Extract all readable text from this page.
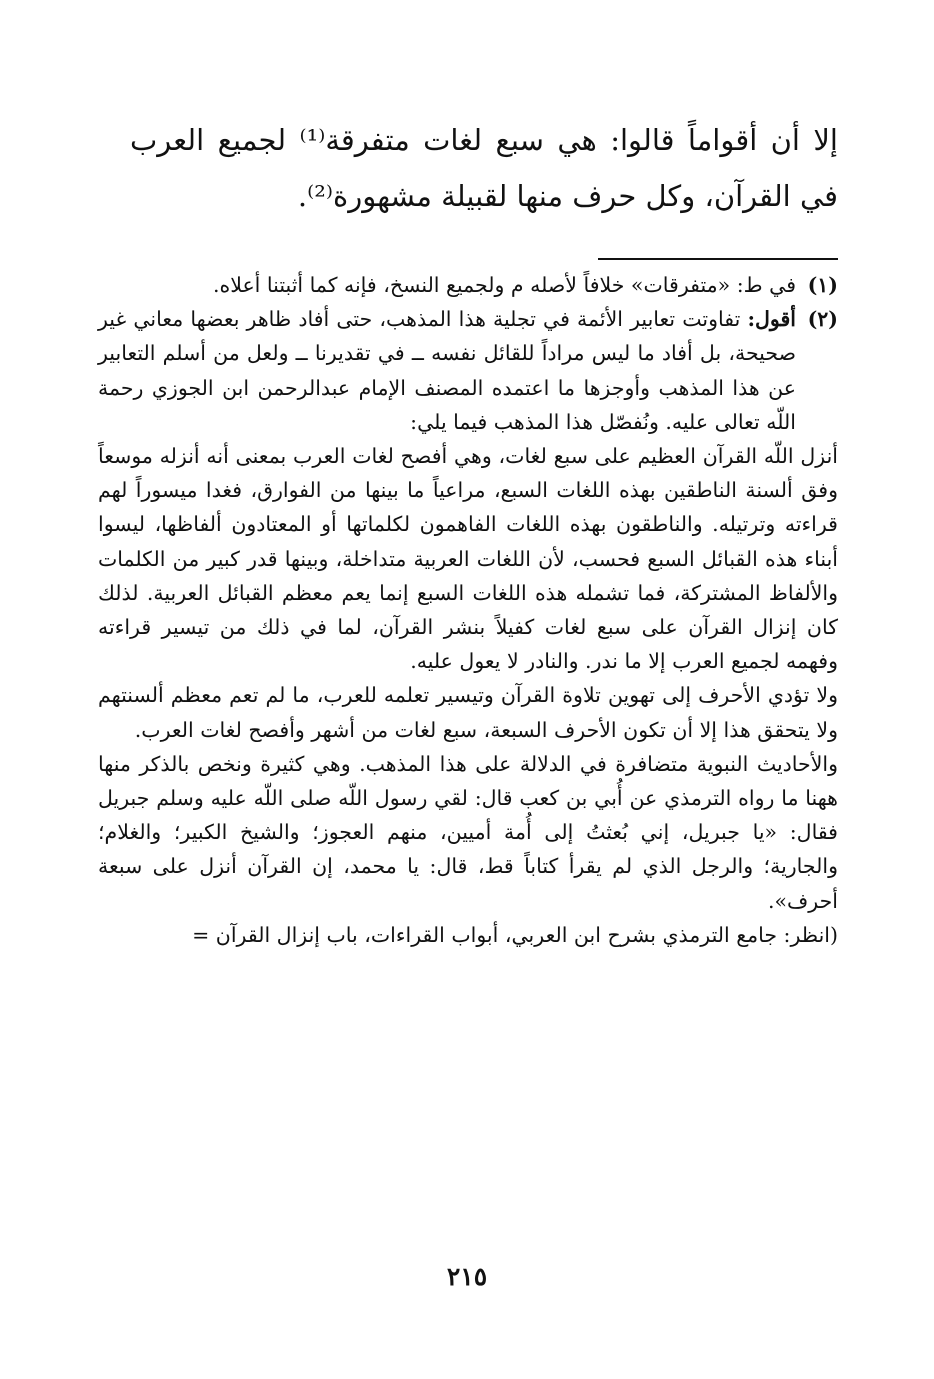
إلا أن أقواماً قالوا: هي سبع لغات متفرقة⁽¹⁾ لجميع العرب في القرآن، وكل حرف منها لقبيلة مشهورة⁽²⁾.

(١)
في ط: «متفرقات» خلافاً لأصله م ولجميع النسخ، فإنه كما أثبتنا أعلاه.
(٢)

أقول: تفاوتت تعابير الأئمة في تجلية هذا المذهب، حتى أفاد ظاهر بعضها معاني غير صحيحة، بل أفاد ما ليس مراداً للقائل نفسه ــ في تقديرنا ــ ولعل من أسلم التعابير عن هذا المذهب وأوجزها ما اعتمده المصنف الإمام عبدالرحمن ابن الجوزي رحمة اللّه تعالى عليه. ونُفصّل هذا المذهب فيما يلي:

أنزل اللّه القرآن العظيم على سبع لغات، وهي أفصح لغات العرب بمعنى أنه أنزله موسعاً وفق ألسنة الناطقين بهذه اللغات السبع، مراعياً ما بينها من الفوارق، فغدا ميسوراً لهم قراءته وترتيله. والناطقون بهذه اللغات الفاهمون لكلماتها أو المعتادون ألفاظها، ليسوا أبناء هذه القبائل السبع فحسب، لأن اللغات العربية متداخلة، وبينها قدر كبير من الكلمات والألفاظ المشتركة، فما تشمله هذه اللغات السبع إنما يعم معظم القبائل العربية. لذلك كان إنزال القرآن على سبع لغات كفيلاً بنشر القرآن، لما في ذلك من تيسير قراءته وفهمه لجميع العرب إلا ما ندر. والنادر لا يعول عليه.

ولا تؤدي الأحرف إلى تهوين تلاوة القرآن وتيسير تعلمه للعرب، ما لم تعم معظم ألسنتهم ولا يتحقق هذا إلا أن تكون الأحرف السبعة، سبع لغات من أشهر وأفصح لغات العرب.

والأحاديث النبوية متضافرة في الدلالة على هذا المذهب. وهي كثيرة ونخص بالذكر منها ههنا ما رواه الترمذي عن أُبي بن كعب قال: لقي رسول اللّه صلى اللّه عليه وسلم جبريل فقال: «يا جبريل، إني بُعثتُ إلى أُمة أميين، منهم العجوز؛ والشيخ الكبير؛ والغلام؛ والجارية؛ والرجل الذي لم يقرأ كتاباً قط، قال: يا محمد، إن القرآن أنزل على سبعة أحرف».

(انظر: جامع الترمذي بشرح ابن العربي، أبواب القراءات، باب إنزال القرآن =

٢١٥
